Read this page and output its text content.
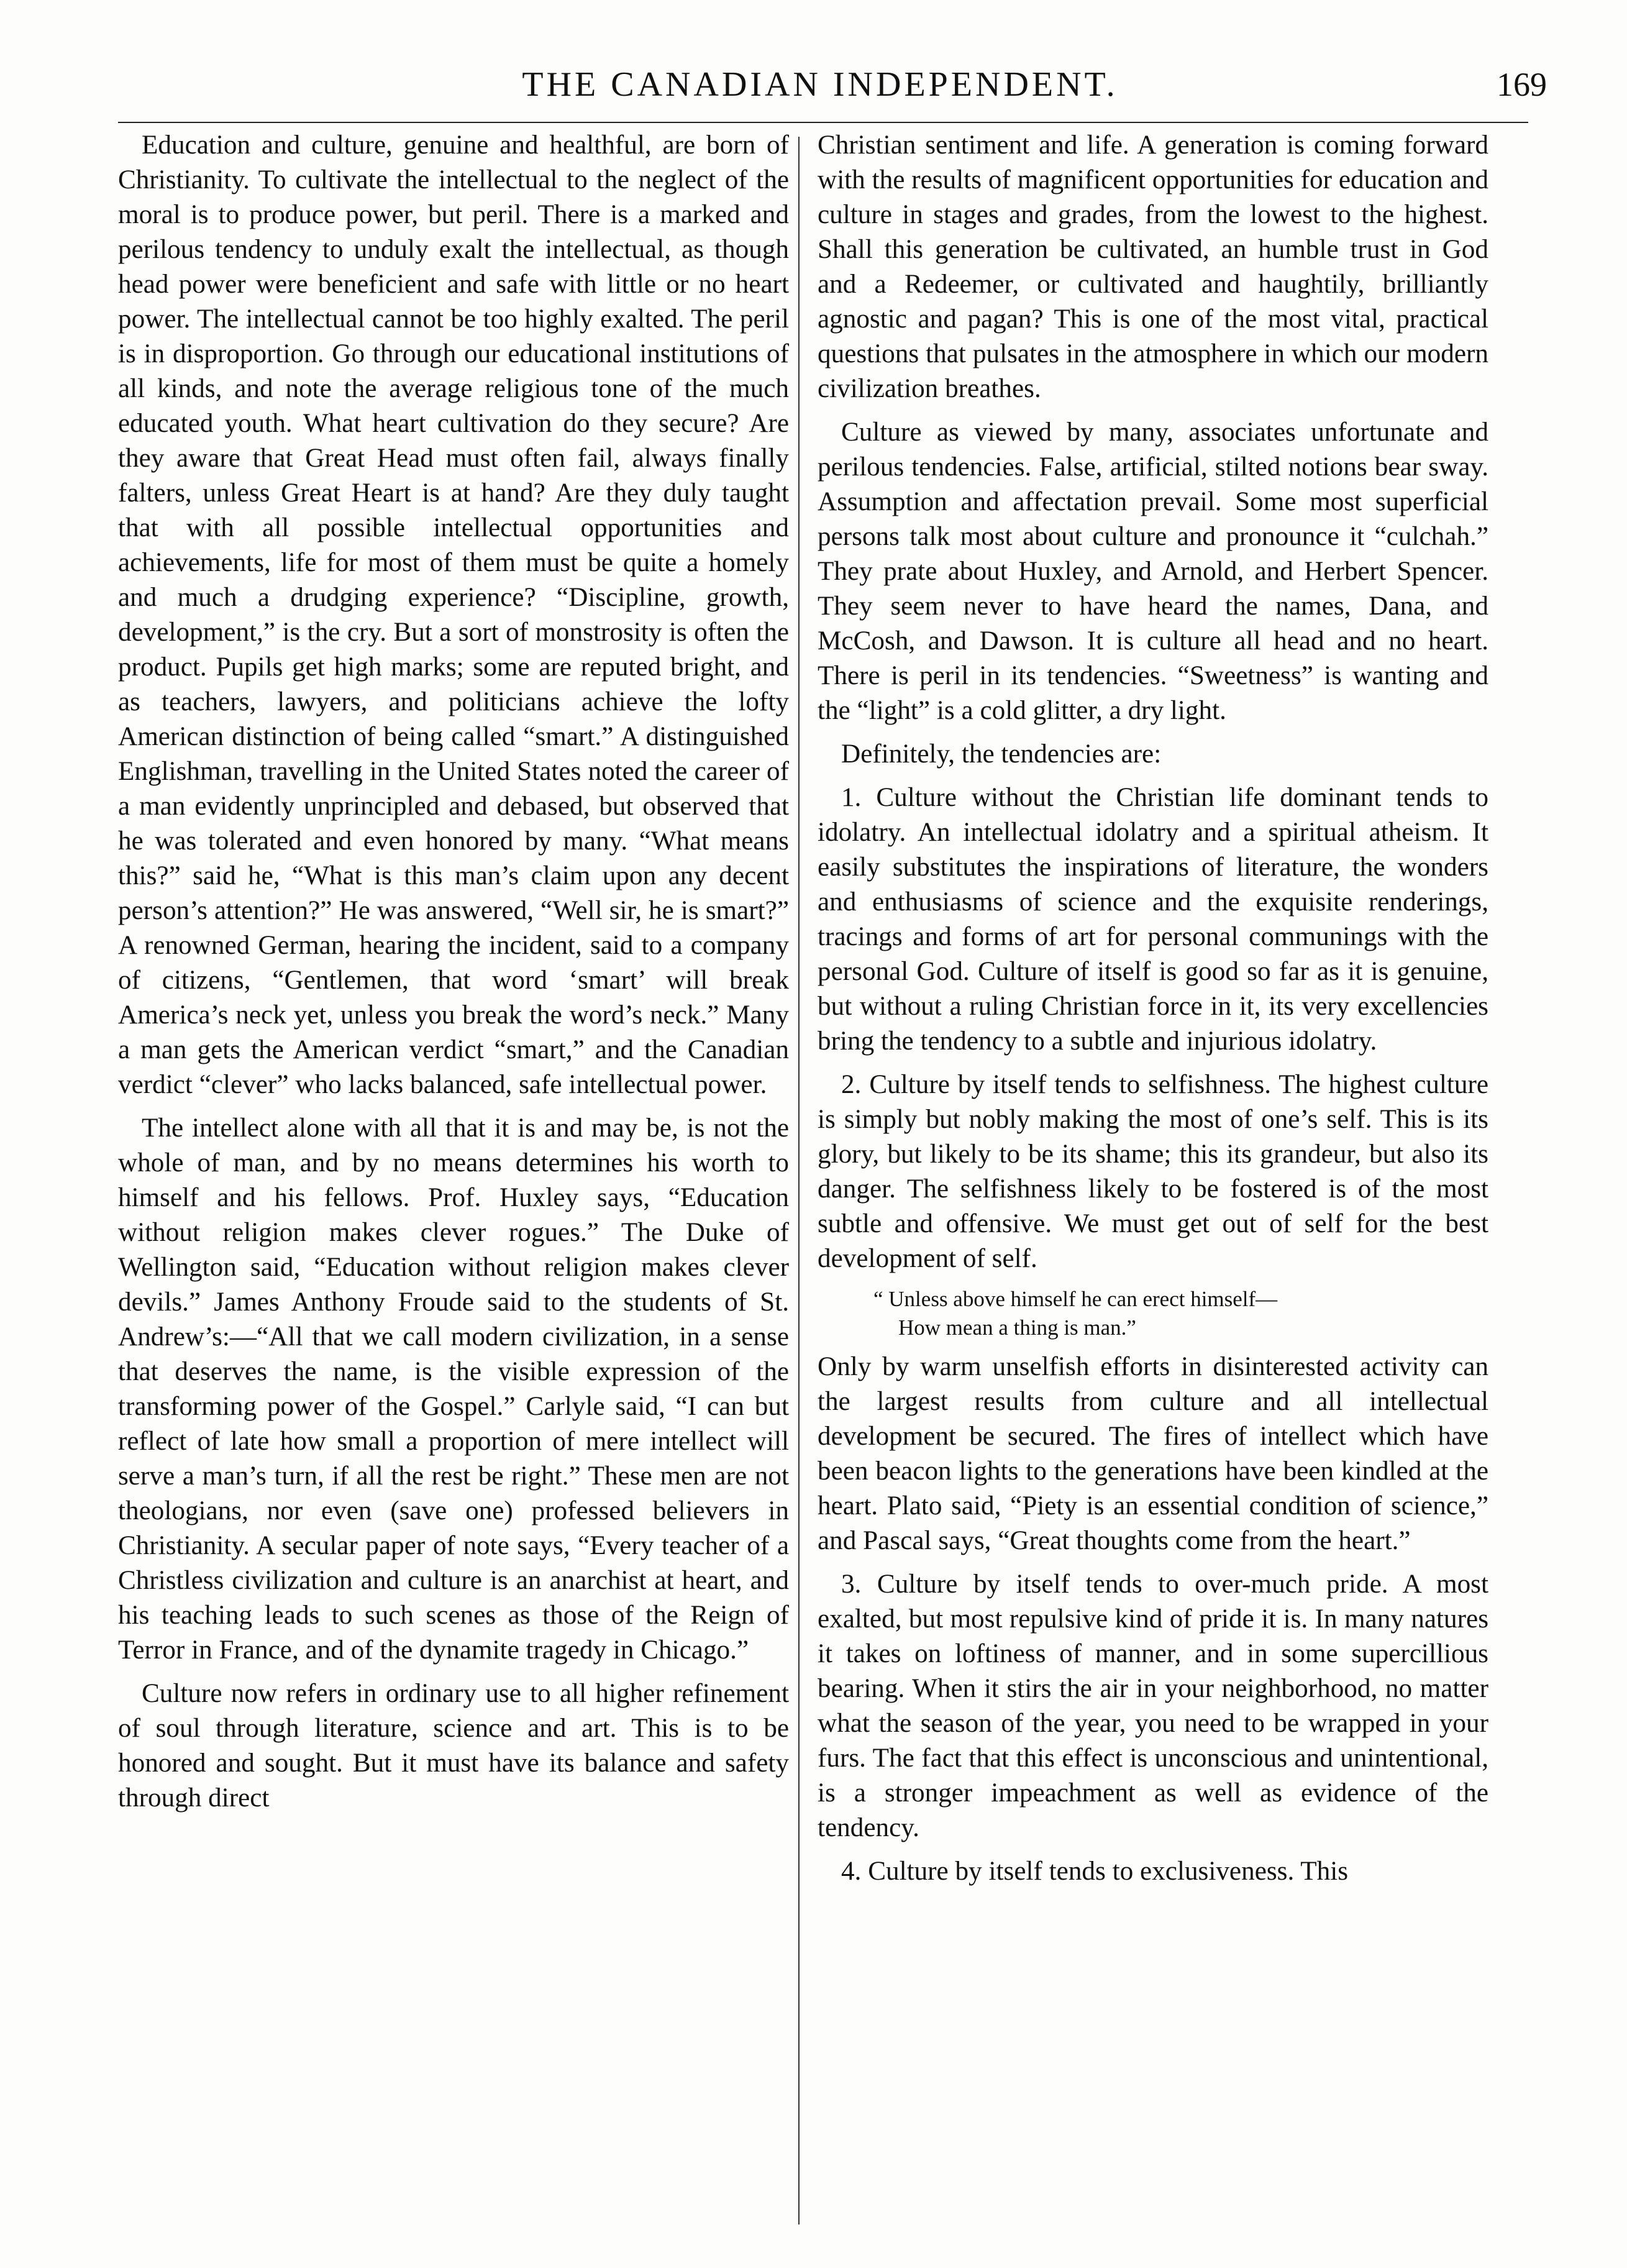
THE CANADIAN INDEPENDENT.	169

Education and culture, genuine and healthful, are born of Christianity. To cultivate the intellectual to the neglect of the moral is to produce power, but peril. There is a marked and perilous tendency to unduly exalt the intellectual, as though head power were beneficient and safe with little or no heart power. The intellectual cannot be too highly exalted. The peril is in disproportion. Go through our educational institutions of all kinds, and note the average religious tone of the much educated youth. What heart cultivation do they secure? Are they aware that Great Head must often fail, always finally falters, unless Great Heart is at hand? Are they duly taught that with all possible intellectual opportunities and achievements, life for most of them must be quite a homely and much a drudging experience? “Discipline, growth, development,” is the cry. But a sort of monstrosity is often the product. Pupils get high marks; some are reputed bright, and as teachers, lawyers, and politicians achieve the lofty American distinction of being called “smart.” A distinguished Englishman, travelling in the United States noted the career of a man evidently unprincipled and debased, but observed that he was tolerated and even honored by many. “What means this?” said he, “What is this man’s claim upon any decent person’s attention?” He was answered, “Well sir, he is smart?” A renowned German, hearing the incident, said to a company of citizens, “Gentlemen, that word ‘smart’ will break America’s neck yet, unless you break the word’s neck.” Many a man gets the American verdict “smart,” and the Canadian verdict “clever” who lacks balanced, safe intellectual power.

The intellect alone with all that it is and may be, is not the whole of man, and by no means determines his worth to himself and his fellows. Prof. Huxley says, “Education without religion makes clever rogues.” The Duke of Wellington said, “Education without religion makes clever devils.” James Anthony Froude said to the students of St. Andrew’s:—“All that we call modern civilization, in a sense that deserves the name, is the visible expression of the transforming power of the Gospel.” Carlyle said, “I can but reflect of late how small a proportion of mere intellect will serve a man’s turn, if all the rest be right.” These men are not theologians, nor even (save one) professed believers in Christianity. A secular paper of note says, “Every teacher of a Christless civilization and culture is an anarchist at heart, and his teaching leads to such scenes as those of the Reign of Terror in France, and of the dynamite tragedy in Chicago.”

Culture now refers in ordinary use to all higher refinement of soul through literature, science and art. This is to be honored and sought. But it must have its balance and safety through direct

Christian sentiment and life. A generation is coming forward with the results of magnificent opportunities for education and culture in stages and grades, from the lowest to the highest. Shall this generation be cultivated, an humble trust in God and a Redeemer, or cultivated and haughtily, brilliantly agnostic and pagan? This is one of the most vital, practical questions that pulsates in the atmosphere in which our modern civilization breathes.

Culture as viewed by many, associates unfortunate and perilous tendencies. False, artificial, stilted notions bear sway. Assumption and affectation prevail. Some most superficial persons talk most about culture and pronounce it “culchah.” They prate about Huxley, and Arnold, and Herbert Spencer. They seem never to have heard the names, Dana, and McCosh, and Dawson. It is culture all head and no heart. There is peril in its tendencies. “Sweetness” is wanting and the “light” is a cold glitter, a dry light.

Definitely, the tendencies are:

1. Culture without the Christian life dominant tends to idolatry. An intellectual idolatry and a spiritual atheism. It easily substitutes the inspirations of literature, the wonders and enthusiasms of science and the exquisite renderings, tracings and forms of art for personal communings with the personal God. Culture of itself is good so far as it is genuine, but without a ruling Christian force in it, its very excellencies bring the tendency to a subtle and injurious idolatry.

2. Culture by itself tends to selfishness. The highest culture is simply but nobly making the most of one’s self. This is its glory, but likely to be its shame; this its grandeur, but also its danger. The selfishness likely to be fostered is of the most subtle and offensive. We must get out of self for the best development of self.

“ Unless above himself he can erect himself—
How mean a thing is man.”

Only by warm unselfish efforts in disinterested activity can the largest results from culture and all intellectual development be secured. The fires of intellect which have been beacon lights to the generations have been kindled at the heart. Plato said, “Piety is an essential condition of science,” and Pascal says, “Great thoughts come from the heart.”

3. Culture by itself tends to over-much pride. A most exalted, but most repulsive kind of pride it is. In many natures it takes on loftiness of manner, and in some supercillious bearing. When it stirs the air in your neighborhood, no matter what the season of the year, you need to be wrapped in your furs. The fact that this effect is unconscious and unintentional, is a stronger impeachment as well as evidence of the tendency.

4. Culture by itself tends to exclusiveness. This
